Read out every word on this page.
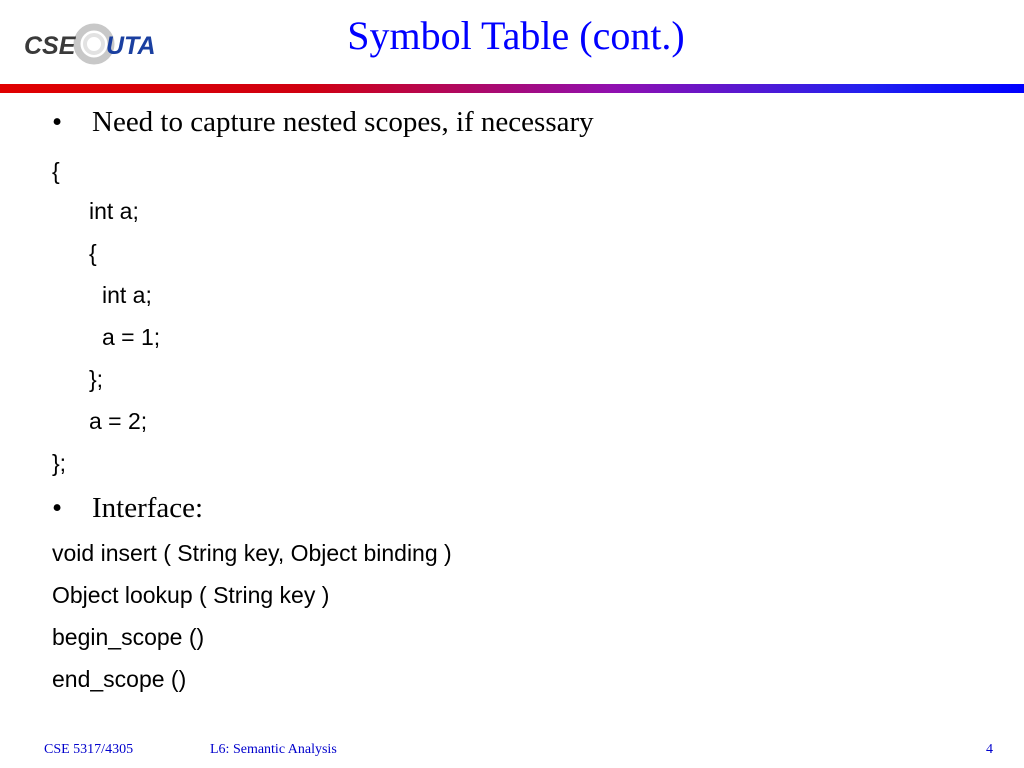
CSE UTA	Symbol Table (cont.)
• Need to capture nested scopes, if necessary
{
int a;
{
int a;
a = 1;
};
a = 2;
};
• Interface:
void insert ( String key, Object binding )
Object lookup ( String key )
begin_scope ()
end_scope ()
CSE 5317/4305	L6: Semantic Analysis	4
